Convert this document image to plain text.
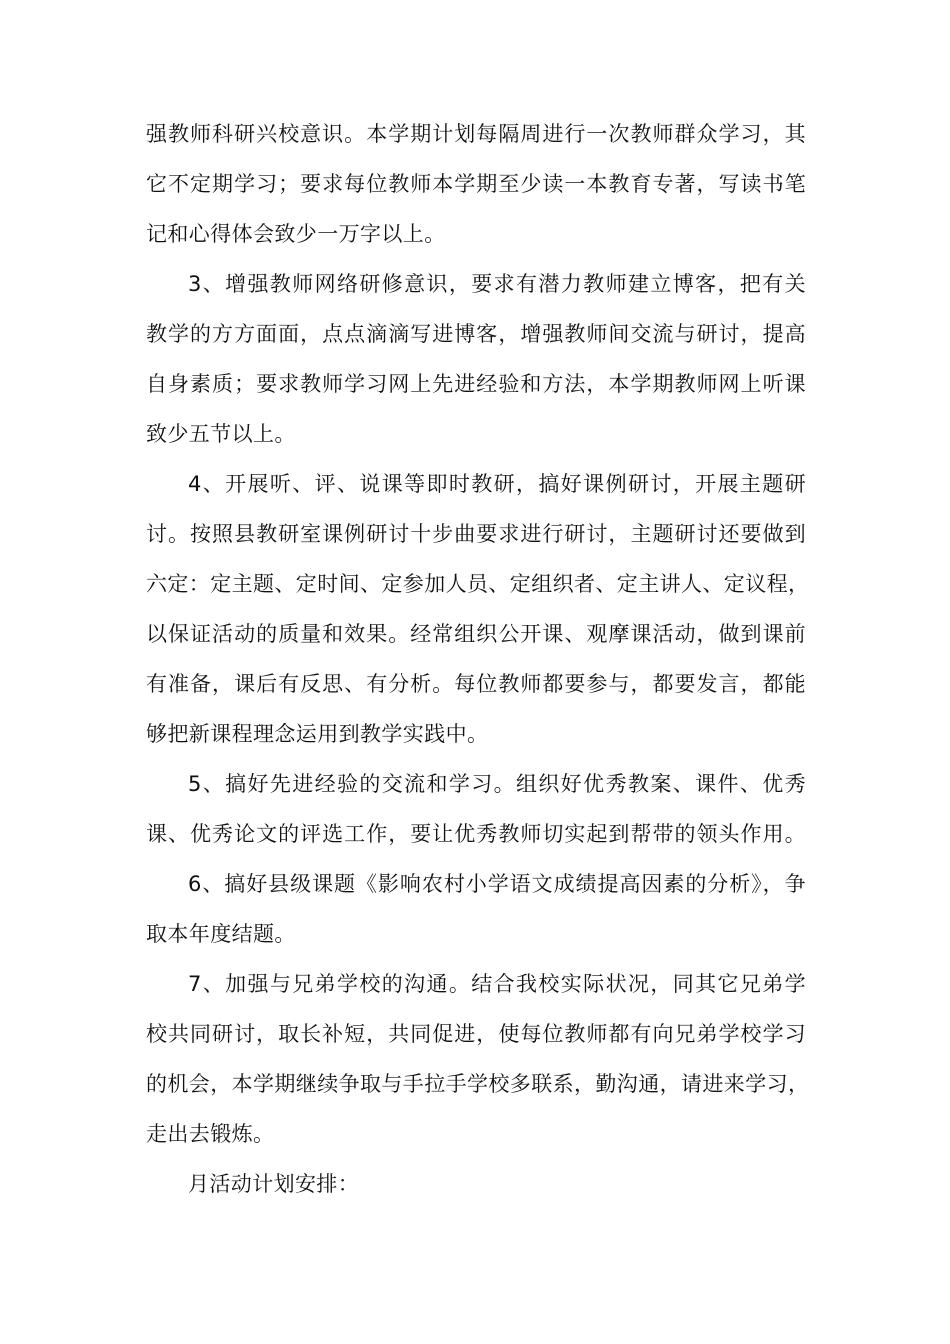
强教师科研兴校意识。本学期计划每隔周进行一次教师群众学习，其
它不定期学习；要求每位教师本学期至少读一本教育专著，写读书笔
记和心得体会致少一万字以上。
3、增强教师网络研修意识，要求有潜力教师建立博客，把有关
教学的方方面面，点点滴滴写进博客，增强教师间交流与研讨，提高
自身素质；要求教师学习网上先进经验和方法，本学期教师网上听课
致少五节以上。
4、开展听、评、说课等即时教研，搞好课例研讨，开展主题研
讨。按照县教研室课例研讨十步曲要求进行研讨，主题研讨还要做到
六定：定主题、定时间、定参加人员、定组织者、定主讲人、定议程，
以保证活动的质量和效果。经常组织公开课、观摩课活动，做到课前
有准备，课后有反思、有分析。每位教师都要参与，都要发言，都能
够把新课程理念运用到教学实践中。
5、搞好先进经验的交流和学习。组织好优秀教案、课件、优秀
课、优秀论文的评选工作，要让优秀教师切实起到帮带的领头作用。
6、搞好县级课题《影响农村小学语文成绩提高因素的分析》，争
取本年度结题。
7、加强与兄弟学校的沟通。结合我校实际状况，同其它兄弟学
校共同研讨，取长补短，共同促进，使每位教师都有向兄弟学校学习
的机会，本学期继续争取与手拉手学校多联系，勤沟通，请进来学习，
走出去锻炼。
月活动计划安排：
